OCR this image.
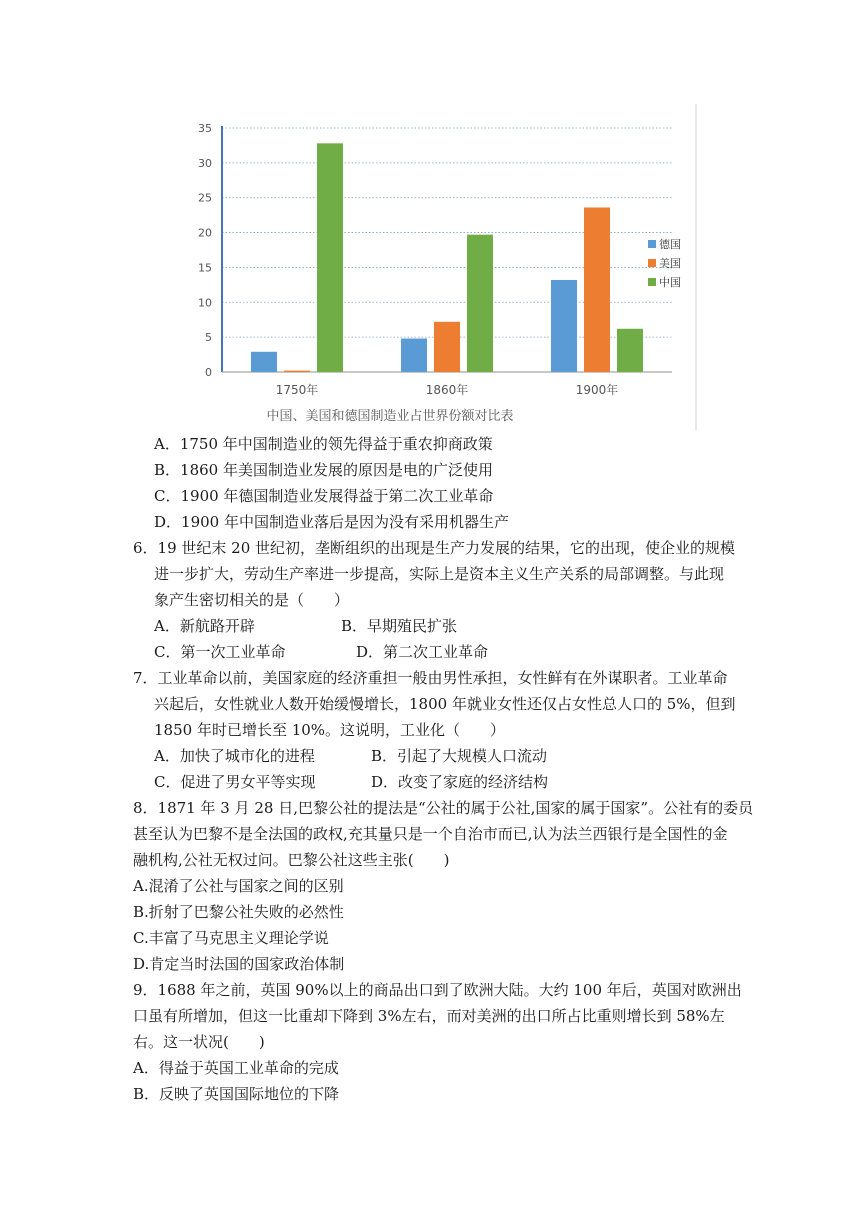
0
5
10
15
20
25
30
35
1750年	1860年	1900年
德国
美国
中国
中国、美国和德国制造业占世界份额对比表
A．1750 年中国制造业的领先得益于重农抑商政策
B．1860 年美国制造业发展的原因是电的广泛使用
C．1900 年德国制造业发展得益于第二次工业革命
D．1900 年中国制造业落后是因为没有采用机器生产
6．19 世纪末 20 世纪初，垄断组织的出现是生产力发展的结果，它的出现，使企业的规模
进一步扩大，劳动生产率进一步提高，实际上是资本主义生产关系的局部调整。与此现
象产生密切相关的是（　　）
A．新航路开辟	B．早期殖民扩张
C．第一次工业革命	D．第二次工业革命
7．工业革命以前，美国家庭的经济重担一般由男性承担，女性鲜有在外谋职者。工业革命
兴起后，女性就业人数开始缓慢增长，1800 年就业女性还仅占女性总人口的 5%，但到
1850 年时已增长至 10%。这说明，工业化（　　）
A．加快了城市化的进程	B．引起了大规模人口流动
C．促进了男女平等实现	D．改变了家庭的经济结构
8．1871 年 3 月 28 日,巴黎公社的提法是“公社的属于公社,国家的属于国家”。公社有的委员
甚至认为巴黎不是全法国的政权,充其量只是一个自治市而已,认为法兰西银行是全国性的金
融机构,公社无权过问。巴黎公社这些主张(　　)
A.混淆了公社与国家之间的区别
B.折射了巴黎公社失败的必然性
C.丰富了马克思主义理论学说
D.肯定当时法国的国家政治体制
9．1688 年之前，英国 90%以上的商品出口到了欧洲大陆。大约 100 年后，英国对欧洲出
口虽有所增加，但这一比重却下降到 3%左右，而对美洲的出口所占比重则增长到 58%左
右。这一状况(　　)
A．得益于英国工业革命的完成
B．反映了英国国际地位的下降
